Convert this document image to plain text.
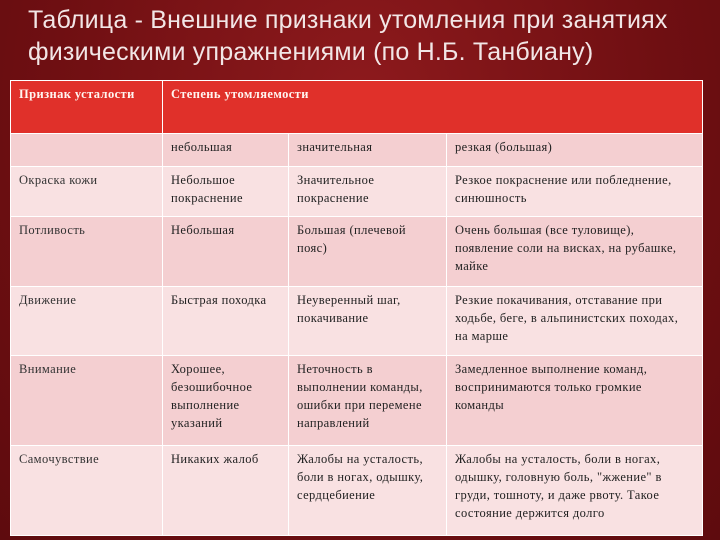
Таблица - Внешние признаки утомления при занятиях физическими упражнениями (по Н.Б. Танбиану)
Признак усталости	Степень утомляемости		
	небольшая	значительная	резкая (большая)
Окраска кожи	Небольшое покраснение	Значительное покраснение	Резкое покраснение или побледнение, синюшность
Потливость	Небольшая	Большая (плечевой пояс)	Очень большая (все туловище), появление соли на висках, на рубашке, майке
Движение	Быстрая походка	Неуверенный шаг, покачивание	Резкие покачивания, отставание при ходьбе, беге, в альпинистских походах, на марше
Внимание	Хорошее, безошибочное выполнение указаний	Неточность в выполнении команды, ошибки при перемене направлений	Замедленное выполнение команд, воспринимаются только громкие команды
Самочувствие	Никаких жалоб	Жалобы на усталость, боли в ногах, одышку, сердцебиение	Жалобы на усталость, боли в ногах, одышку, головную боль, "жжение" в груди, тошноту, и даже рвоту. Такое состояние держится долго
